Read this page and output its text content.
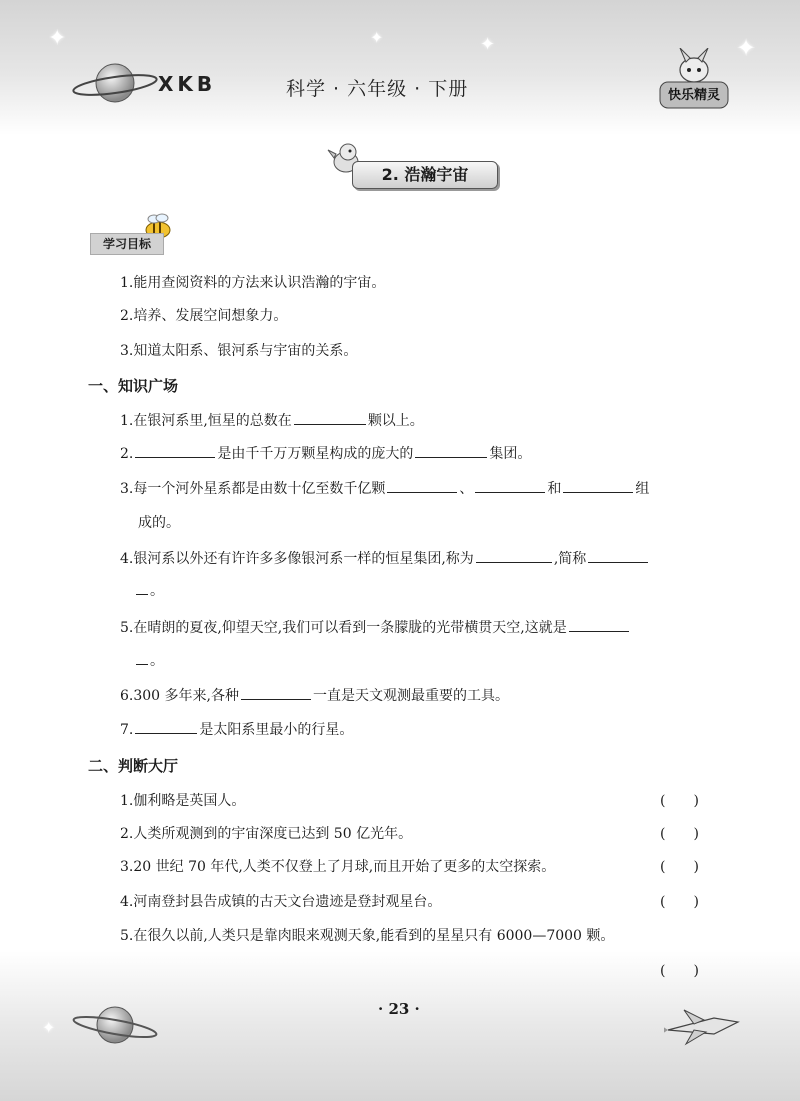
✦	✦	✦	✦
✦
XKB	科学 · 六年级 · 下册	快乐精灵
2. 浩瀚宇宙
学习目标
1.能用查阅资料的方法来认识浩瀚的宇宙。
2.培养、发展空间想象力。
3.知道太阳系、银河系与宇宙的关系。
一、知识广场
1.在银河系里,恒星的总数在	颗以上。
2.	是由千千万万颗星构成的庞大的	集团。
3.每一个河外星系都是由数十亿至数千亿颗	、	和	组
成的。
4.银河系以外还有许许多多像银河系一样的恒星集团,称为	,简称
。
5.在晴朗的夏夜,仰望天空,我们可以看到一条朦胧的光带横贯天空,这就是
。
6.300 多年来,各种	一直是天文观测最重要的工具。
7.	是太阳系里最小的行星。
二、判断大厅
1.伽利略是英国人。	(　　)
2.人类所观测到的宇宙深度已达到 50 亿光年。	(　　)
3.20 世纪 70 年代,人类不仅登上了月球,而且开始了更多的太空探索。	(　　)
4.河南登封县告成镇的古天文台遗迹是登封观星台。	(　　)
5.在很久以前,人类只是靠肉眼来观测天象,能看到的星星只有 6000—7000 颗。
(　　)
· 23 ·
